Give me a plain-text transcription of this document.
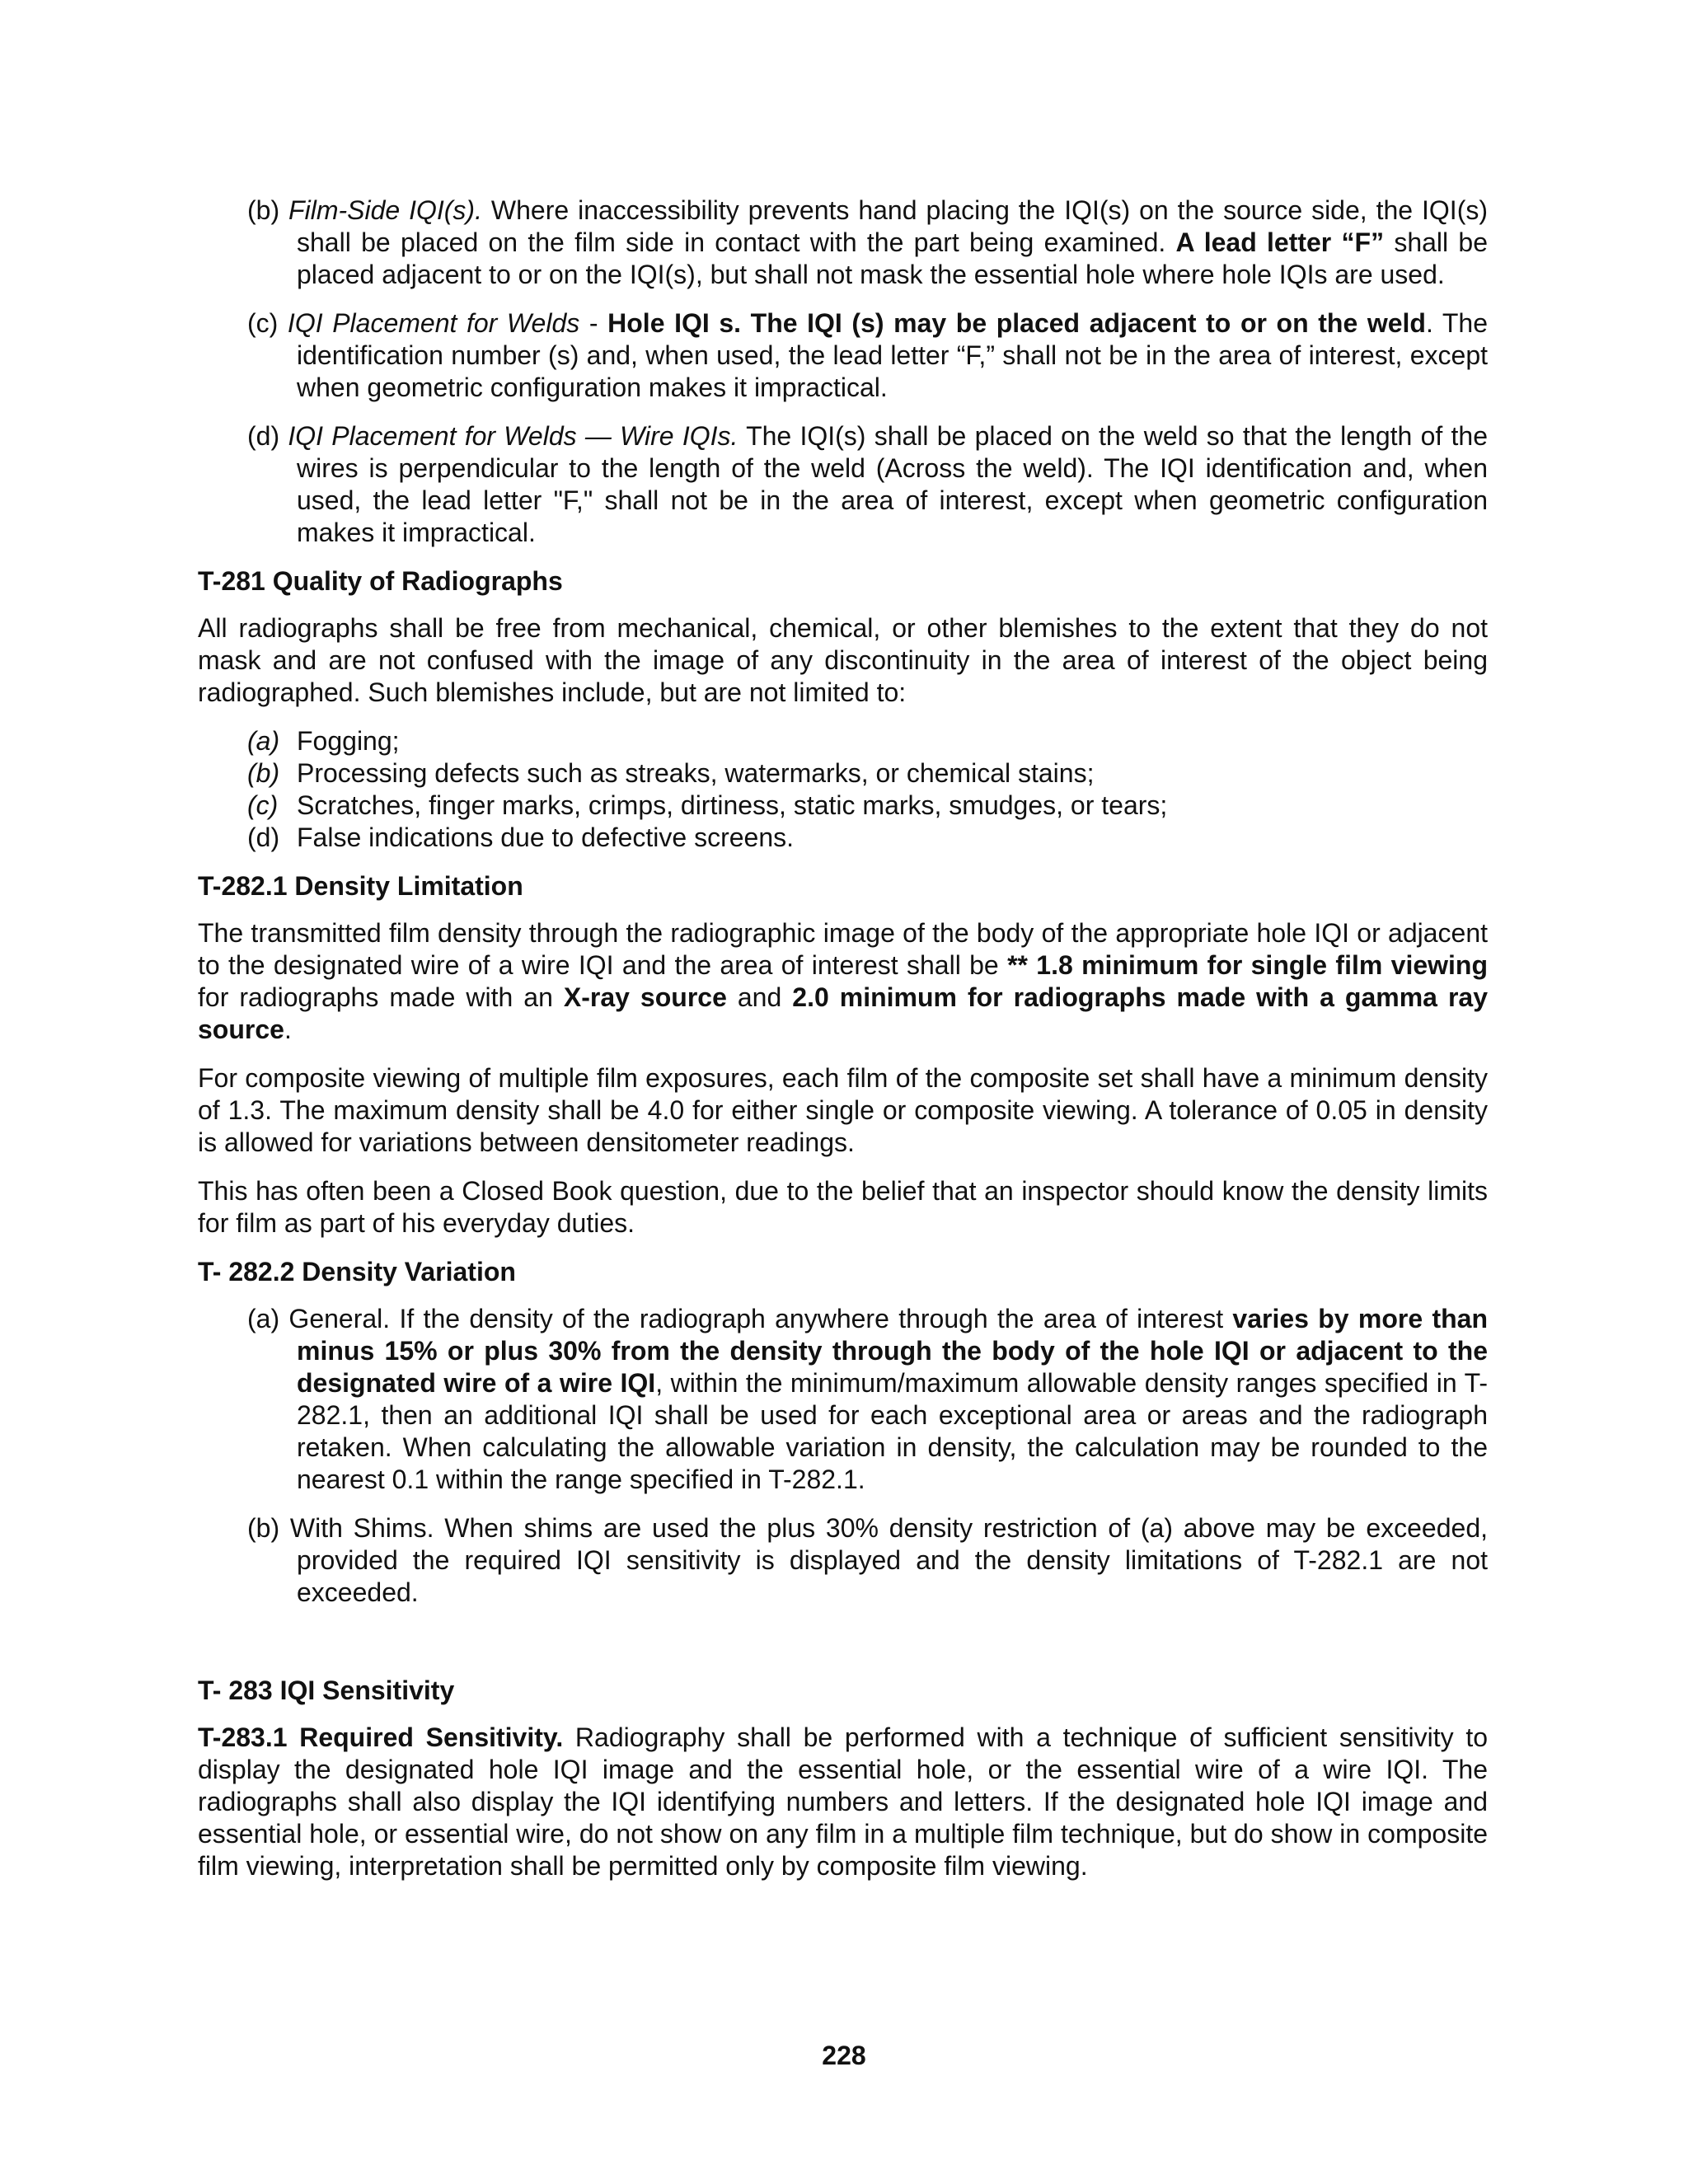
(b) Film-Side IQI(s). Where inaccessibility prevents hand placing the IQI(s) on the source side, the IQI(s) shall be placed on the film side in contact with the part being examined. A lead letter “F” shall be placed adjacent to or on the IQI(s), but shall not mask the essential hole where hole IQIs are used.

(c) IQI Placement for Welds - Hole IQI s. The IQI (s) may be placed adjacent to or on the weld. The identification number (s) and, when used, the lead letter “F,” shall not be in the area of interest, except when geometric configuration makes it impractical.

(d) IQI Placement for Welds — Wire IQIs. The IQI(s) shall be placed on the weld so that the length of the wires is perpendicular to the length of the weld (Across the weld). The IQI identification and, when used, the lead letter "F," shall not be in the area of interest, except when geometric configuration makes it impractical.

T-281 Quality of Radiographs

All radiographs shall be free from mechanical, chemical, or other blemishes to the extent that they do not mask and are not confused with the image of any discontinuity in the area of interest of the object being radiographed. Such blemishes include, but are not limited to:

(a) Fogging;
(b) Processing defects such as streaks, watermarks, or chemical stains;
(c) Scratches, finger marks, crimps, dirtiness, static marks, smudges, or tears;
(d) False indications due to defective screens.

T-282.1 Density Limitation

The transmitted film density through the radiographic image of the body of the appropriate hole IQI or adjacent to the designated wire of a wire IQI and the area of interest shall be ** 1.8 minimum for single film viewing for radiographs made with an X-ray source and 2.0 minimum for radiographs made with a gamma ray source.

For composite viewing of multiple film exposures, each film of the composite set shall have a minimum density of 1.3. The maximum density shall be 4.0 for either single or composite viewing. A tolerance of 0.05 in density is allowed for variations between densitometer readings.

This has often been a Closed Book question, due to the belief that an inspector should know the density limits for film as part of his everyday duties.

T- 282.2 Density Variation

(a) General. If the density of the radiograph anywhere through the area of interest varies by more than minus 15% or plus 30% from the density through the body of the hole IQI or adjacent to the designated wire of a wire IQI, within the minimum/maximum allowable density ranges specified in T-282.1, then an additional IQI shall be used for each exceptional area or areas and the radiograph retaken. When calculating the allowable variation in density, the calculation may be rounded to the nearest 0.1 within the range specified in T-282.1.

(b) With Shims. When shims are used the plus 30% density restriction of (a) above may be exceeded, provided the required IQI sensitivity is displayed and the density limitations of T-282.1 are not exceeded.

T- 283 IQI Sensitivity

T-283.1 Required Sensitivity. Radiography shall be performed with a technique of sufficient sensitivity to display the designated hole IQI image and the essential hole, or the essential wire of a wire IQI. The radiographs shall also display the IQI identifying numbers and letters. If the designated hole IQI image and essential hole, or essential wire, do not show on any film in a multiple film technique, but do show in composite film viewing, interpretation shall be permitted only by composite film viewing.

228
